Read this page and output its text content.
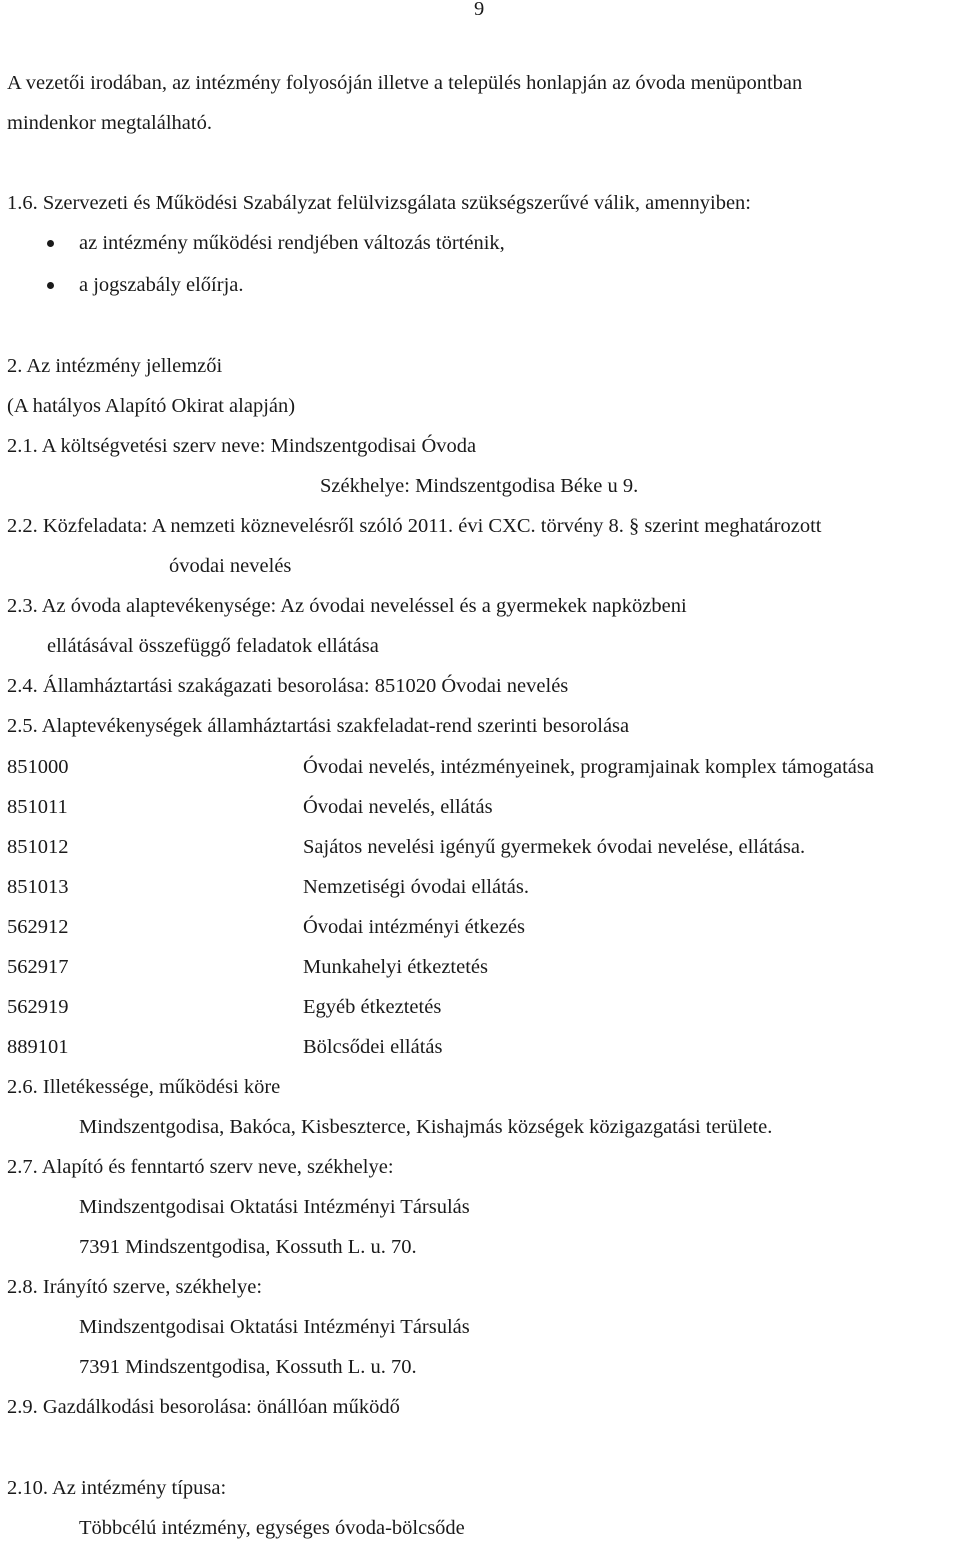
9
A vezetői irodában, az intézmény folyosóján illetve a település honlapján az óvoda menüpontban
mindenkor megtalálható.
1.6. Szervezeti és Működési Szabályzat felülvizsgálata szükségszerűvé válik, amennyiben:
az intézmény működési rendjében változás történik,
a jogszabály előírja.
2. Az intézmény jellemzői
(A hatályos Alapító Okirat alapján)
2.1. A költségvetési szerv neve: Mindszentgodisai Óvoda
Székhelye: Mindszentgodisa Béke u 9.
2.2. Közfeladata: A nemzeti köznevelésről szóló 2011. évi CXC. törvény 8. § szerint meghatározott
óvodai nevelés
2.3. Az óvoda alaptevékenysége: Az óvodai neveléssel és a gyermekek napközbeni
ellátásával összefüggő feladatok ellátása
2.4. Államháztartási szakágazati besorolása: 851020 Óvodai nevelés
2.5. Alaptevékenységek államháztartási szakfeladat-rend szerinti besorolása
851000	Óvodai nevelés, intézményeinek, programjainak komplex támogatása
851011	Óvodai nevelés, ellátás
851012	Sajátos nevelési igényű gyermekek óvodai nevelése, ellátása.
851013	Nemzetiségi óvodai ellátás.
562912	Óvodai intézményi étkezés
562917	Munkahelyi étkeztetés
562919	Egyéb étkeztetés
889101	Bölcsődei ellátás
2.6. Illetékessége, működési köre
Mindszentgodisa, Bakóca, Kisbeszterce, Kishajmás községek közigazgatási területe.
2.7. Alapító és fenntartó szerv neve, székhelye:
Mindszentgodisai Oktatási Intézményi Társulás
7391 Mindszentgodisa, Kossuth L. u. 70.
2.8. Irányító szerve, székhelye:
Mindszentgodisai Oktatási Intézményi Társulás
7391 Mindszentgodisa, Kossuth L. u. 70.
2.9. Gazdálkodási besorolása: önállóan működő
2.10. Az intézmény típusa:
Többcélú intézmény, egységes óvoda-bölcsőde
